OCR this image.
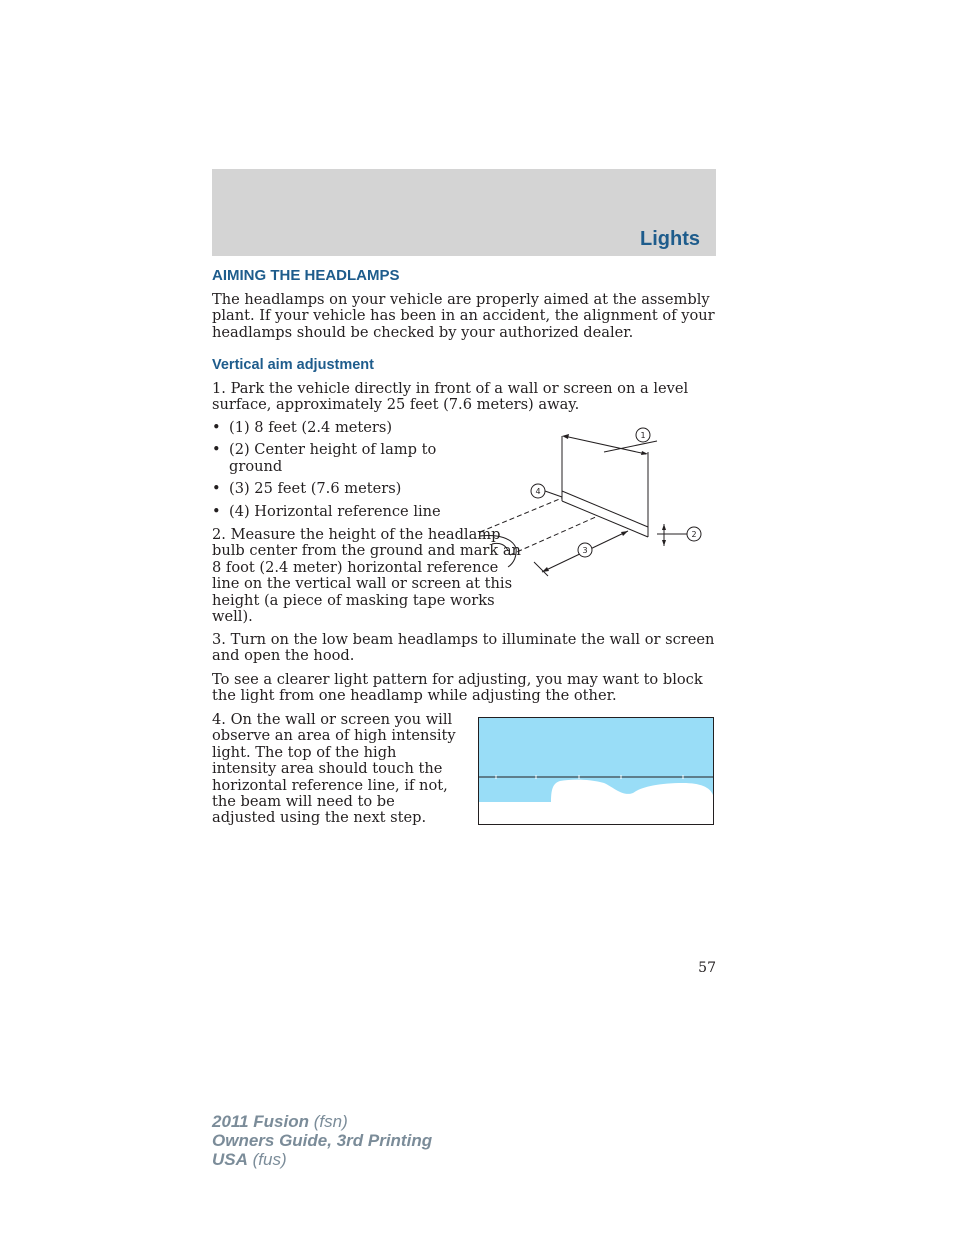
Lights
AIMING THE HEADLAMPS

The headlamps on your vehicle are properly aimed at the assembly plant. If your vehicle has been in an accident, the alignment of your headlamps should be checked by your authorized dealer.

Vertical aim adjustment

1. Park the vehicle directly in front of a wall or screen on a level surface, approximately 25 feet (7.6 meters) away.

• (1) 8 feet (2.4 meters)
• (2) Center height of lamp to ground
• (3) 25 feet (7.6 meters)
• (4) Horizontal reference line
1
2
3
4

2. Measure the height of the headlamp bulb center from the ground and mark an 8 foot (2.4 meter) horizontal reference line on the vertical wall or screen at this height (a piece of masking tape works well).

3. Turn on the low beam headlamps to illuminate the wall or screen and open the hood.

To see a clearer light pattern for adjusting, you may want to block the light from one headlamp while adjusting the other.

4. On the wall or screen you will observe an area of high intensity light. The top of the high intensity area should touch the horizontal reference line, if not, the beam will need to be adjusted using the next step.

57
2011 Fusion (fsn)
Owners Guide, 3rd Printing
USA (fus)
